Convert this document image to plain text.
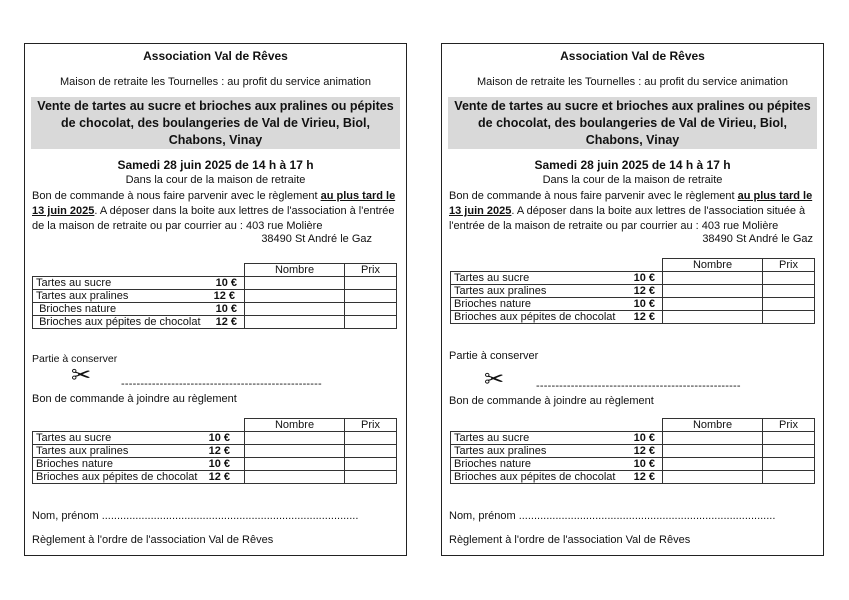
Association Val de Rêves
Maison de retraite les Tournelles : au profit du service animation
Vente de tartes au sucre et brioches aux pralines ou pépites de chocolat, des boulangeries de Val de Virieu, Biol, Chabons, Vinay
Samedi 28 juin 2025 de 14 h à 17 h
Dans la cour de la maison de retraite
Bon de commande à nous faire parvenir avec le règlement au plus tard le 13 juin 2025. A déposer dans la boite aux lettres de l'association à l'entrée de la maison de retraite ou par courrier au : 403 rue Molière
38490 St André le Gaz
	Nombre	Prix
Tartes au sucre 10 €		

Tartes aux pralines 12 €		

Brioches nature 10 €		

Brioches aux pépites de chocolat 12 €		

Partie à conserver
✂	----------------------------------------------------
Bon de commande à joindre au règlement
	Nombre	Prix
Tartes au sucre 10 €		

Tartes aux pralines 12 €		

Brioches nature 10 €		

Brioches aux pépites de chocolat 12 €		

Nom, prénom ....................................................................................
Règlement à l'ordre de l'association Val de Rêves
Association Val de Rêves
Maison de retraite les Tournelles : au profit du service animation
Vente de tartes au sucre et brioches aux pralines ou pépites de chocolat, des boulangeries de Val de Virieu, Biol, Chabons, Vinay
Samedi 28 juin 2025 de 14 h à 17 h
Dans la cour de la maison de retraite
Bon de commande à nous faire parvenir avec le règlement au plus tard le 13 juin 2025. A déposer dans la boite aux lettres de l'association située à l'entrée de la maison de retraite ou par courrier au : 403 rue Molière
38490 St André le Gaz
	Nombre	Prix
Tartes au sucre 10 €		

Tartes aux pralines 12 €		

Brioches nature 10 €		

Brioches aux pépites de chocolat 12 €		

Partie à conserver
✂	-----------------------------------------------------
Bon de commande à joindre au règlement
	Nombre	Prix
Tartes au sucre 10 €		

Tartes aux pralines 12 €		

Brioches nature 10 €		

Brioches aux pépites de chocolat 12 €		

Nom, prénom ....................................................................................
Règlement à l'ordre de l'association Val de Rêves
